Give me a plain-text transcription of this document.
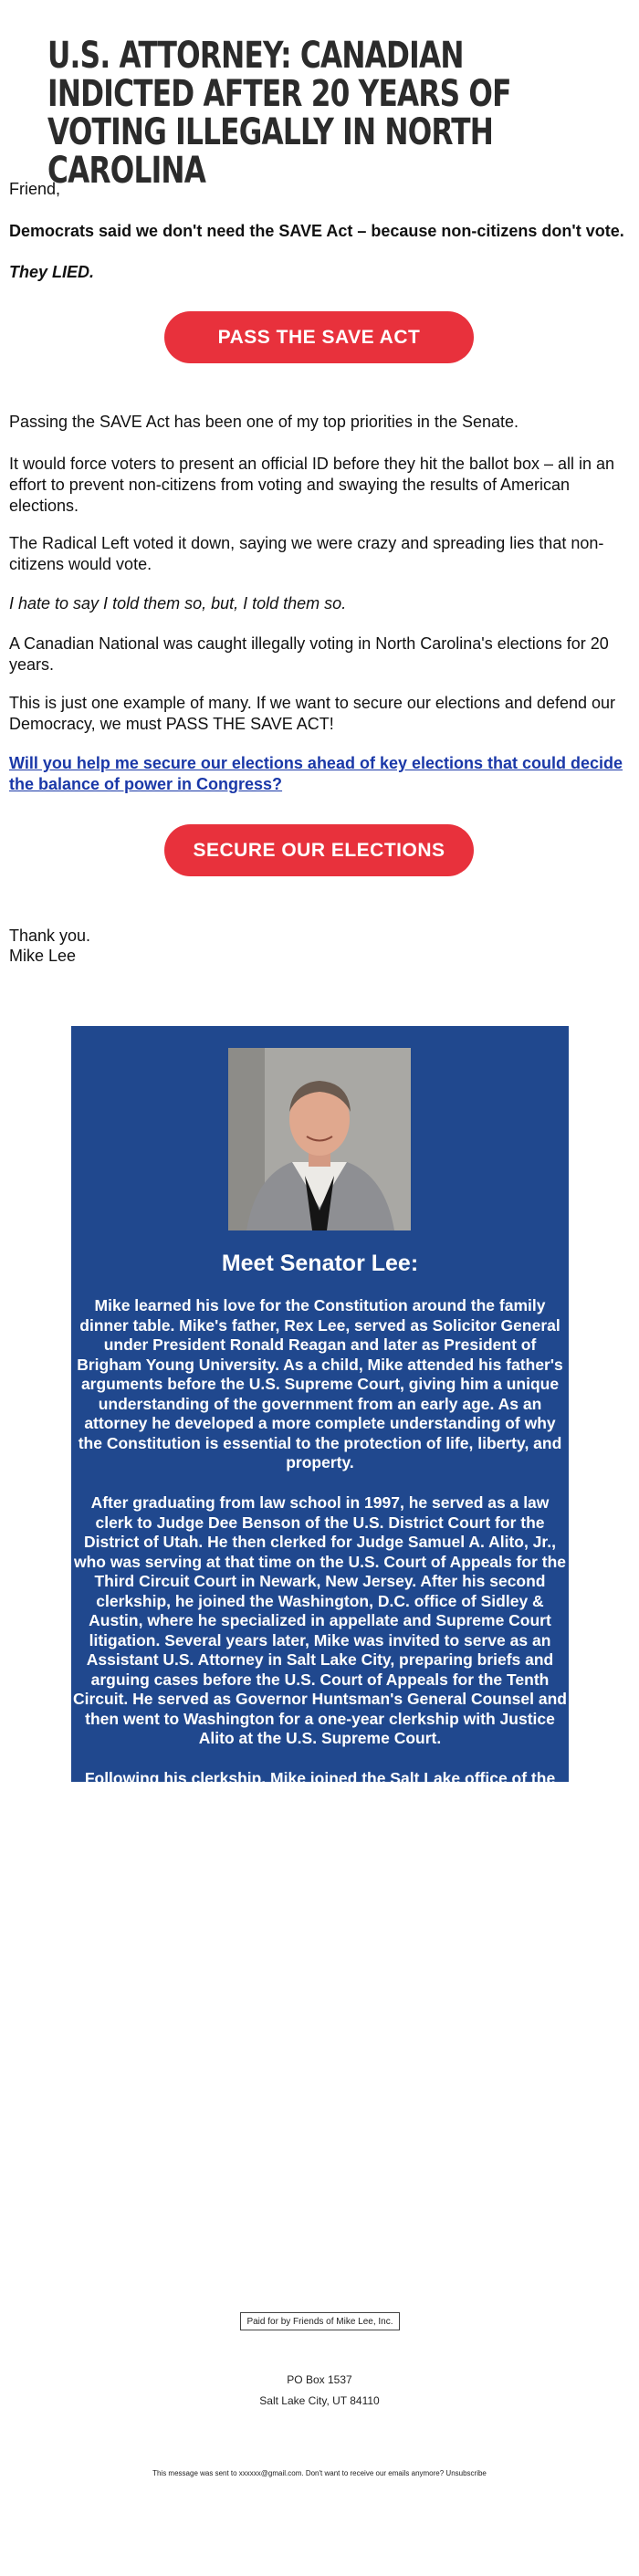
U.S. ATTORNEY: CANADIAN INDICTED AFTER 20 YEARS OF VOTING ILLEGALLY IN NORTH CAROLINA

Friend,

Democrats said we don't need the SAVE Act – because non-citizens don't vote.

They LIED.

PASS THE SAVE ACT

Passing the SAVE Act has been one of my top priorities in the Senate.

It would force voters to present an official ID before they hit the ballot box – all in an effort to prevent non-citizens from voting and swaying the results of American elections.

The Radical Left voted it down, saying we were crazy and spreading lies that non-citizens would vote.

I hate to say I told them so, but, I told them so.

A Canadian National was caught illegally voting in North Carolina's elections for 20 years.

This is just one example of many. If we want to secure our elections and defend our Democracy, we must PASS THE SAVE ACT!

Will you help me secure our elections ahead of key elections that could decide the balance of power in Congress?

SECURE OUR ELECTIONS

Thank you.

Mike Lee

Meet Senator Lee:

Mike learned his love for the Constitution around the family dinner table. Mike's father, Rex Lee, served as Solicitor General under President Ronald Reagan and later as President of Brigham Young University. As a child, Mike attended his father's arguments before the U.S. Supreme Court, giving him a unique understanding of the government from an early age. As an attorney he developed a more complete understanding of why the Constitution is essential to the protection of life, liberty, and property.

After graduating from law school in 1997, he served as a law clerk to Judge Dee Benson of the U.S. District Court for the District of Utah. He then clerked for Judge Samuel A. Alito, Jr., who was serving at that time on the U.S. Court of Appeals for the Third Circuit Court in Newark, New Jersey. After his second clerkship, he joined the Washington, D.C. office of Sidley & Austin, where he specialized in appellate and Supreme Court litigation. Several years later, Mike was invited to serve as an Assistant U.S. Attorney in Salt Lake City, preparing briefs and arguing cases before the U.S. Court of Appeals for the Tenth Circuit. He served as Governor Huntsman's General Counsel and then went to Washington for a one-year clerkship with Justice Alito at the U.S. Supreme Court.

Following his clerkship, Mike joined the Salt Lake office of the Washington, D.C.-based law firm of Howrey LLP. Mike has earned a reputation as an outstanding lawyer based on his sound judgment, writing and courtroom advocacy skills, and thorough understanding of the Constitution.

As Senator, Mike has been a staunch advocate for securing our elections and defending our Constitution. And the Radical Left HATES it! They've made defeating Senator Lee and PRIMARY FOCUS.

Senator Lee needs your help. Will you chip in $10 or more to help him restore election integrity and preserve the Constitution?

HELP SENATOR LEE
Paid for by Friends of Mike Lee, Inc.
PO Box 1537
Salt Lake City, UT 84110
This message was sent to xxxxxx@gmail.com. Don't want to receive our emails anymore? Unsubscribe
